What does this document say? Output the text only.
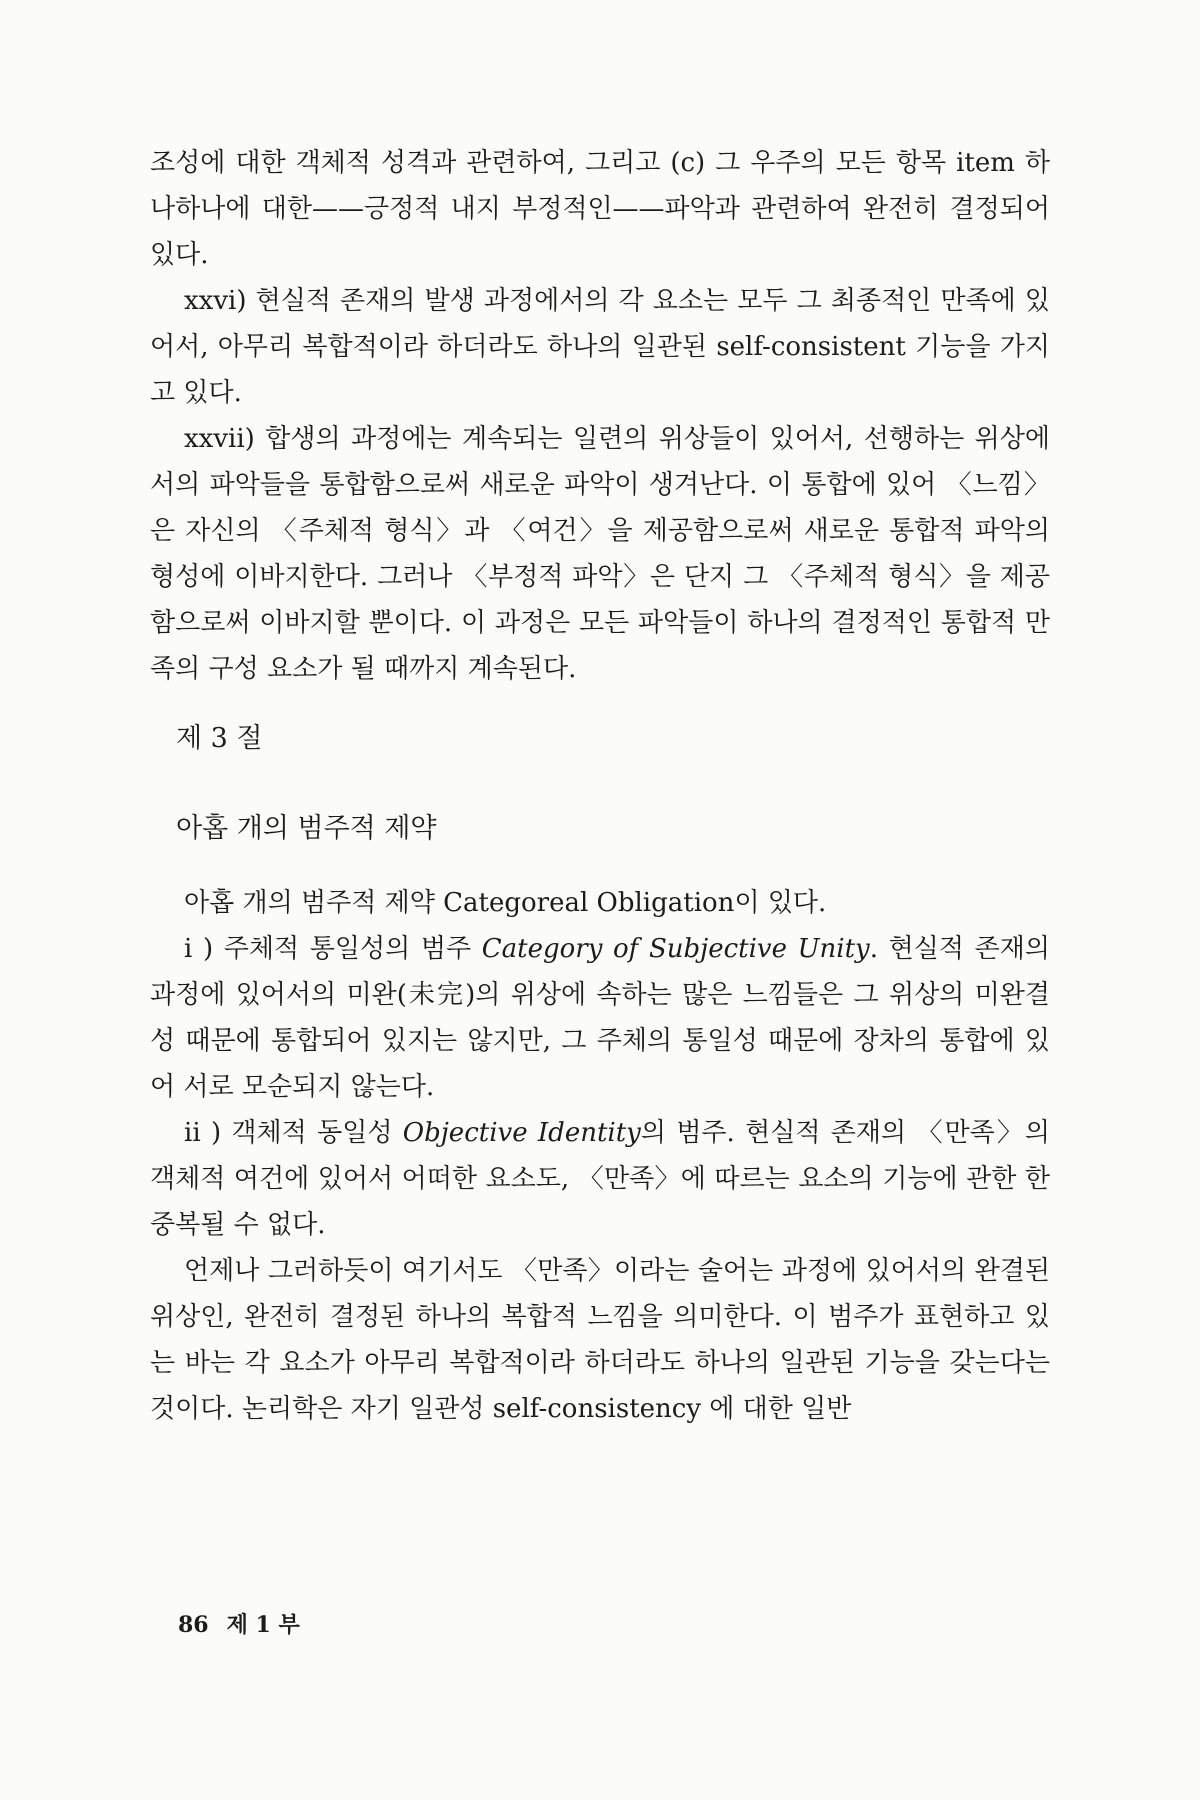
조성에 대한 객체적 성격과 관련하여, 그리고 (c) 그 우주의 모든 항목 item 하나하나에 대한——긍정적 내지 부정적인——파악과 관련하여 완전히 결정되어 있다.

xxvi) 현실적 존재의 발생 과정에서의 각 요소는 모두 그 최종적인 만족에 있어서, 아무리 복합적이라 하더라도 하나의 일관된 self-consistent 기능을 가지고 있다.

xxvii) 합생의 과정에는 계속되는 일련의 위상들이 있어서, 선행하는 위상에서의 파악들을 통합함으로써 새로운 파악이 생겨난다. 이 통합에 있어 〈느낌〉은 자신의 〈주체적 형식〉과 〈여건〉을 제공함으로써 새로운 통합적 파악의 형성에 이바지한다. 그러나 〈부정적 파악〉은 단지 그 〈주체적 형식〉을 제공함으로써 이바지할 뿐이다. 이 과정은 모든 파악들이 하나의 결정적인 통합적 만족의 구성 요소가 될 때까지 계속된다.

제 3 절
아홉 개의 범주적 제약

아홉 개의 범주적 제약 Categoreal Obligation이 있다.

i ) 주체적 통일성의 범주 Category of Subjective Unity. 현실적 존재의 과정에 있어서의 미완(未完)의 위상에 속하는 많은 느낌들은 그 위상의 미완결성 때문에 통합되어 있지는 않지만, 그 주체의 통일성 때문에 장차의 통합에 있어 서로 모순되지 않는다.

ii ) 객체적 동일성 Objective Identity의 범주. 현실적 존재의 〈만족〉의 객체적 여건에 있어서 어떠한 요소도, 〈만족〉에 따르는 요소의 기능에 관한 한 중복될 수 없다.

언제나 그러하듯이 여기서도 〈만족〉이라는 술어는 과정에 있어서의 완결된 위상인, 완전히 결정된 하나의 복합적 느낌을 의미한다. 이 범주가 표현하고 있는 바는 각 요소가 아무리 복합적이라 하더라도 하나의 일관된 기능을 갖는다는 것이다. 논리학은 자기 일관성 self-consistency 에 대한 일반

86 제 1 부
